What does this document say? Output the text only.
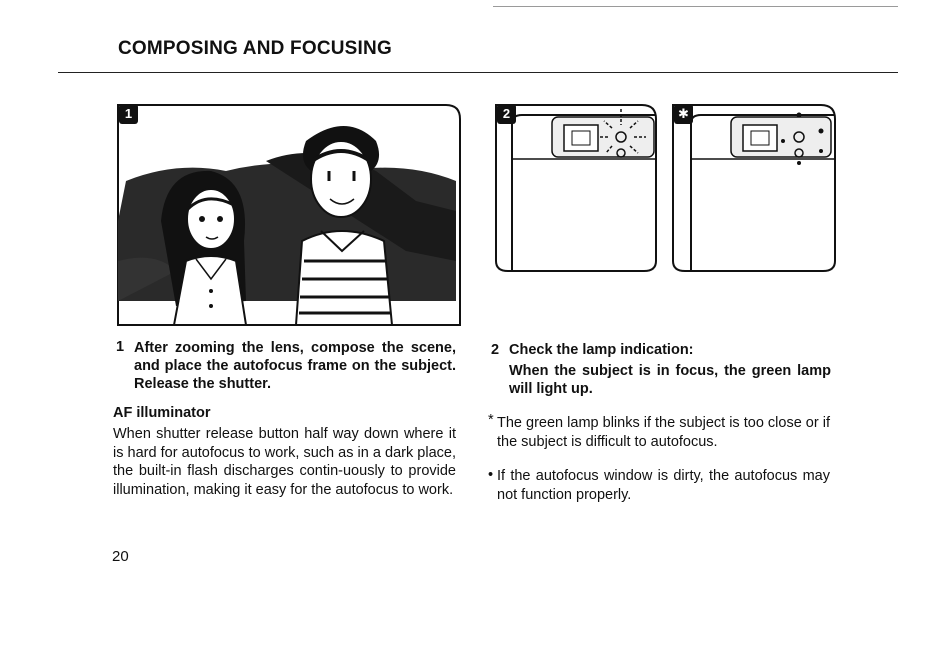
COMPOSING AND FOCUSING
1	2	✱
1 After zooming the lens, compose the scene, and place the autofocus frame on the subject. Release the shutter.
AF illuminator
When shutter release button half way down where it is hard for autofocus to work, such as in a dark place, the built-in flash discharges contin-uously to provide illumination, making it easy for the autofocus to work.
2 Check the lamp indication:
When the subject is in focus, the green lamp will light up.
* The green lamp blinks if the subject is too close or if the subject is difficult to autofocus.
• If the autofocus window is dirty, the autofocus may not function properly.
20
